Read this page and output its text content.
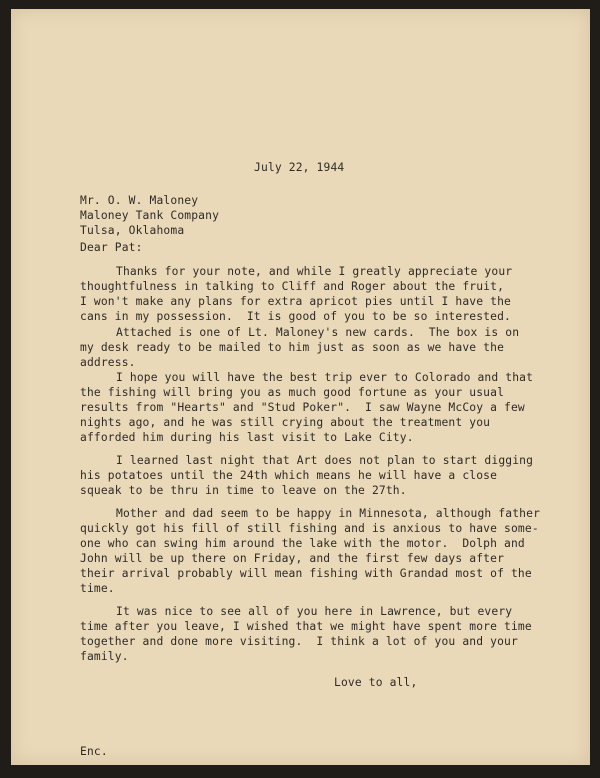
July 22, 1944
Mr. O. W. Maloney
Maloney Tank Company
Tulsa, Oklahoma
Dear Pat:
Thanks for your note, and while I greatly appreciate your
thoughtfulness in talking to Cliff and Roger about the fruit,
I won't make any plans for extra apricot pies until I have the
cans in my possession.  It is good of you to be so interested.
Attached is one of Lt. Maloney's new cards.  The box is on
my desk ready to be mailed to him just as soon as we have the
address.
I hope you will have the best trip ever to Colorado and that
the fishing will bring you as much good fortune as your usual
results from "Hearts" and "Stud Poker".  I saw Wayne McCoy a few
nights ago, and he was still crying about the treatment you
afforded him during his last visit to Lake City.
I learned last night that Art does not plan to start digging
his potatoes until the 24th which means he will have a close
squeak to be thru in time to leave on the 27th.
Mother and dad seem to be happy in Minnesota, although father
quickly got his fill of still fishing and is anxious to have some-
one who can swing him around the lake with the motor.  Dolph and
John will be up there on Friday, and the first few days after
their arrival probably will mean fishing with Grandad most of the
time.
It was nice to see all of you here in Lawrence, but every
time after you leave, I wished that we might have spent more time
together and done more visiting.  I think a lot of you and your
family.
Love to all,
Enc.
